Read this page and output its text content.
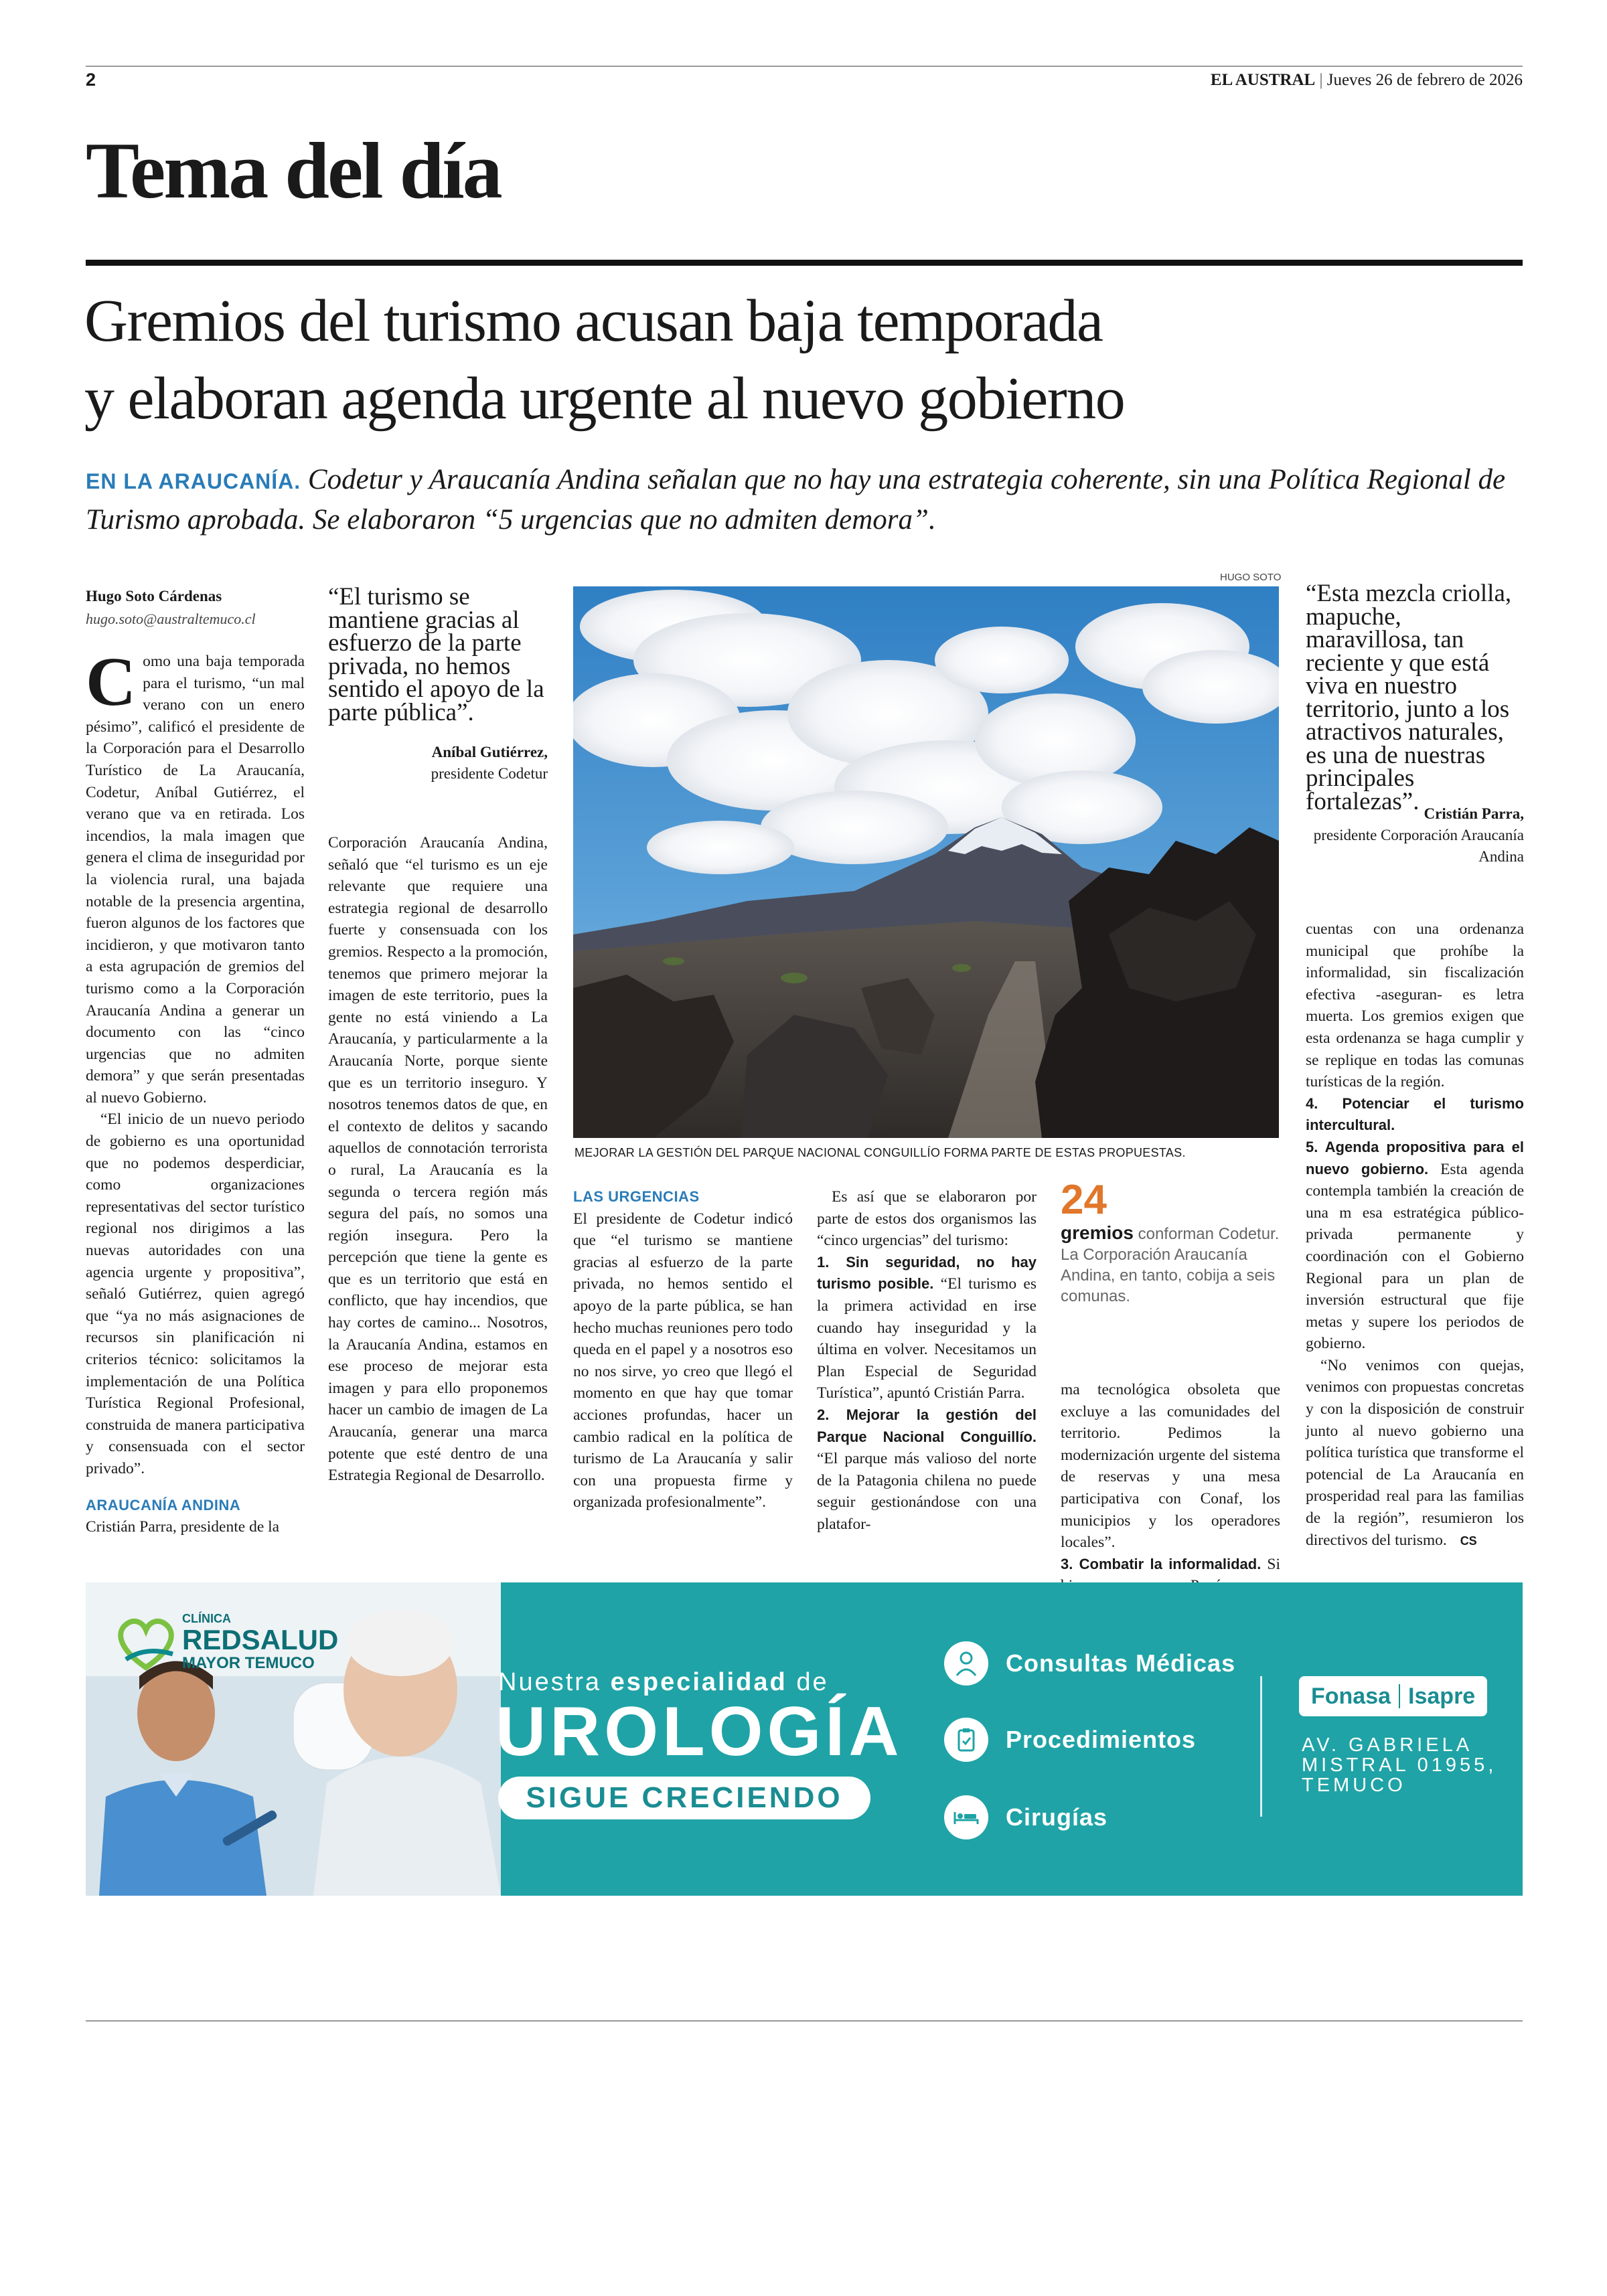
2	EL AUSTRAL | Jueves 26 de febrero de 2026
Tema del día
Gremios del turismo acusan baja temporada
y elaboran agenda urgente al nuevo gobierno
EN LA ARAUCANÍA. Codetur y Araucanía Andina señalan que no hay una estrategia coherente, sin una Política Regional de Turismo aprobada. Se elaboraron “5 urgencias que no admiten demora”.
Hugo Soto Cárdenas
hugo.soto@australtemuco.cl

Como una baja temporada para el turismo, “un mal verano con un enero pésimo”, calificó el presidente de la Corporación para el Desarrollo Turístico de La Araucanía, Codetur, Aníbal Gutiérrez, el verano que va en retirada. Los incendios, la mala imagen que genera el clima de inseguridad por la violencia rural, una bajada notable de la presencia argentina, fueron algunos de los factores que incidieron, y que motivaron tanto a esta agrupación de gremios del turismo como a la Corporación Araucanía Andina a generar un documento con las “cinco urgencias que no admiten demora” y que serán presentadas al nuevo Gobierno.

“El inicio de un nuevo periodo de gobierno es una oportunidad que no podemos desperdiciar, como organizaciones representativas del sector turístico regional nos dirigimos a las nuevas autoridades con una agencia urgente y propositiva”, señaló Gutiérrez, quien agregó que “ya no más asignaciones de recursos sin planificación ni criterios técnico: solicitamos la implementación de una Política Turística Regional Profesional, construida de manera participativa y consensuada con el sector privado”.

ARAUCANÍA ANDINA

Cristián Parra, presidente de la

“El turismo se mantiene gracias al esfuerzo de la parte privada, no hemos sentido el apoyo de la parte pública”.
Aníbal Gutiérrez,
presidente Codetur

Corporación Araucanía Andina, señaló que “el turismo es un eje relevante que requiere una estrategia regional de desarrollo fuerte y consensuada con los gremios. Respecto a la promoción, tenemos que primero mejorar la imagen de este territorio, pues la gente no está viniendo a La Araucanía, y particularmente a la Araucanía Norte, porque siente que es un territorio inseguro. Y nosotros tenemos datos de que, en el contexto de delitos y sacando aquellos de connotación terrorista o rural, La Araucanía es la segunda o tercera región más segura del país, no somos una región insegura. Pero la percepción que tiene la gente es que es un territorio que está en conflicto, que hay incendios, que hay cortes de camino... Nosotros, la Araucanía Andina, estamos en ese proceso de mejorar esta imagen y para ello proponemos hacer un cambio de imagen de La Araucanía, generar una marca potente que esté dentro de una Estrategia Regional de Desarrollo.

HUGO SOTO
MEJORAR LA GESTIÓN DEL PARQUE NACIONAL CONGUILLÍO FORMA PARTE DE ESTAS PROPUESTAS.

LAS URGENCIAS

El presidente de Codetur indicó que “el turismo se mantiene gracias al esfuerzo de la parte privada, no hemos sentido el apoyo de la parte pública, se han hecho muchas reuniones pero todo queda en el papel y a nosotros eso no nos sirve, yo creo que llegó el momento en que hay que tomar acciones profundas, hacer un cambio radical en la política de turismo de La Araucanía y salir con una propuesta firme y organizada profesionalmente”.

Es así que se elaboraron por parte de estos dos organismos las “cinco urgencias” del turismo:

1. Sin seguridad, no hay turismo posible. “El turismo es la primera actividad en irse cuando hay inseguridad y la última en volver. Necesitamos un Plan Especial de Seguridad Turística”, apuntó Cristián Parra.

2. Mejorar la gestión del Parque Nacional Conguillío. “El parque más valioso del norte de la Patagonia chilena no puede seguir gestionándose con una platafor-

24
gremios conforman Codetur. La Corporación Araucanía Andina, en tanto, cobija a seis comunas.

ma tecnológica obsoleta que excluye a las comunidades del territorio. Pedimos la modernización urgente del sistema de reservas y una mesa participativa con Conaf, los municipios y los operadores locales”.

3. Combatir la informalidad. Si

“Esta mezcla criolla, mapuche, maravillosa, tan reciente y que está viva en nuestro territorio, junto a los atractivos naturales, es una de nuestras principales fortalezas”. Cristián Parra,
presidente Corporación Araucanía Andina

cuentas con una ordenanza municipal que prohíbe la informalidad, sin fiscalización efectiva -aseguran- es letra muerta. Los gremios exigen que esta ordenanza se haga cumplir y se replique en todas las comunas turísticas de la región.

4. Potenciar el turismo intercultural.

5. Agenda propositiva para el nuevo gobierno. Esta agenda contempla también la creación de una m esa estratégica público-privada permanente y coordinación con el Gobierno Regional para un plan de inversión estructural que fije metas y supere los periodos de gobierno.

“No venimos con quejas, venimos con propuestas concretas y con la disposición de construir junto al nuevo gobierno una política turística que transforme el potencial de La Araucanía en prosperidad real para las familias de la región”, resumieron los directivos del turismo. CS

CLÍNICA
REDSALUD
MAYOR TEMUCO
Nuestra especialidad de
UROLOGÍA
SIGUE CRECIENDO
Consultas Médicas
Procedimientos
Cirugías
Fonasa Isapre
AV. GABRIELA
MISTRAL 01955,
TEMUCO
